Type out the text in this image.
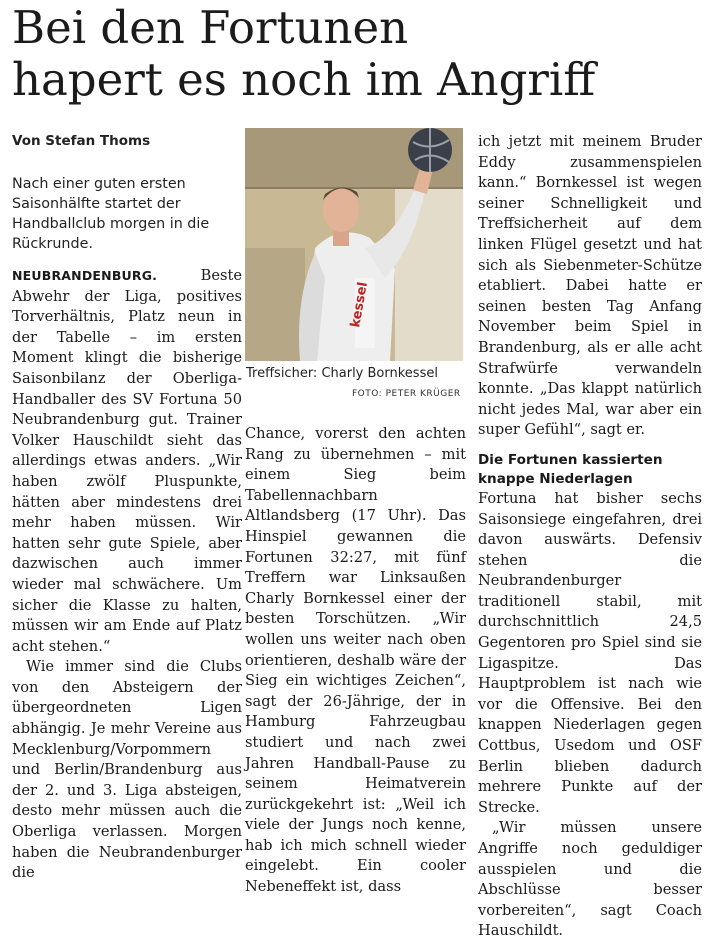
Bei den Fortunen
hapert es noch im Angriff
Von Stefan Thoms
Nach einer guten ersten Saisonhälfte startet der Handballclub morgen in die Rückrunde.

NEUBRANDENBURG.	Beste Abwehr der Liga, positives Torverhältnis, Platz neun in der Tabelle – im ersten Moment klingt die bisherige Saisonbilanz der Oberliga-Handballer des SV Fortuna 50 Neubrandenburg gut. Trainer Volker Hauschildt sieht das allerdings etwas anders. „Wir haben zwölf Pluspunkte, hätten aber mindestens drei mehr haben müssen. Wir hatten sehr gute Spiele, aber dazwischen auch immer wieder mal schwächere. Um sicher die Klasse zu halten, müssen wir am Ende auf Platz acht stehen.“

Wie immer sind die Clubs von den Absteigern der übergeordneten Ligen abhängig. Je mehr Vereine aus Mecklenburg/Vorpommern und Berlin/Brandenburg aus der 2. und 3. Liga absteigen, desto mehr müssen auch die Oberliga verlassen. Morgen haben die Neubrandenburger die

kessel
Treffsicher: Charly Bornkessel
FOTO: PETER KRÜGER

Chance, vorerst den achten Rang zu übernehmen – mit einem Sieg beim Tabellennachbarn Altlandsberg (17 Uhr). Das Hinspiel gewannen die Fortunen 32:27, mit fünf Treffern war Linksaußen Charly Bornkessel einer der besten Torschützen. „Wir wollen uns weiter nach oben orientieren, deshalb wäre der Sieg ein wichtiges Zeichen“, sagt der 26-Jährige, der in Hamburg Fahrzeugbau studiert und nach zwei Jahren Handball-Pause zu seinem Heimatverein zurückgekehrt ist: „Weil ich viele der Jungs noch kenne, hab ich mich schnell wieder eingelebt. Ein cooler Nebeneffekt ist, dass

ich jetzt mit meinem Bruder Eddy zusammenspielen kann.“ Bornkessel ist wegen seiner Schnelligkeit und Treffsicherheit auf dem linken Flügel gesetzt und hat sich als Siebenmeter-Schütze etabliert. Dabei hatte er seinen besten Tag Anfang November beim Spiel in Brandenburg, als er alle acht Strafwürfe verwandeln konnte. „Das klappt natürlich nicht jedes Mal, war aber ein super Gefühl“, sagt er.

Die Fortunen kassierten knappe Niederlagen

Fortuna hat bisher sechs Saisonsiege eingefahren, drei davon auswärts. Defensiv stehen die Neubrandenburger traditionell stabil, mit durchschnittlich 24,5 Gegentoren pro Spiel sind sie Ligaspitze. Das Hauptproblem ist nach wie vor die Offensive. Bei den knappen Niederlagen gegen Cottbus, Usedom und OSF Berlin blieben dadurch mehrere Punkte auf der Strecke.

„Wir müssen unsere Angriffe noch geduldiger ausspielen und die Abschlüsse besser vorbereiten“, sagt Coach Hauschildt.
